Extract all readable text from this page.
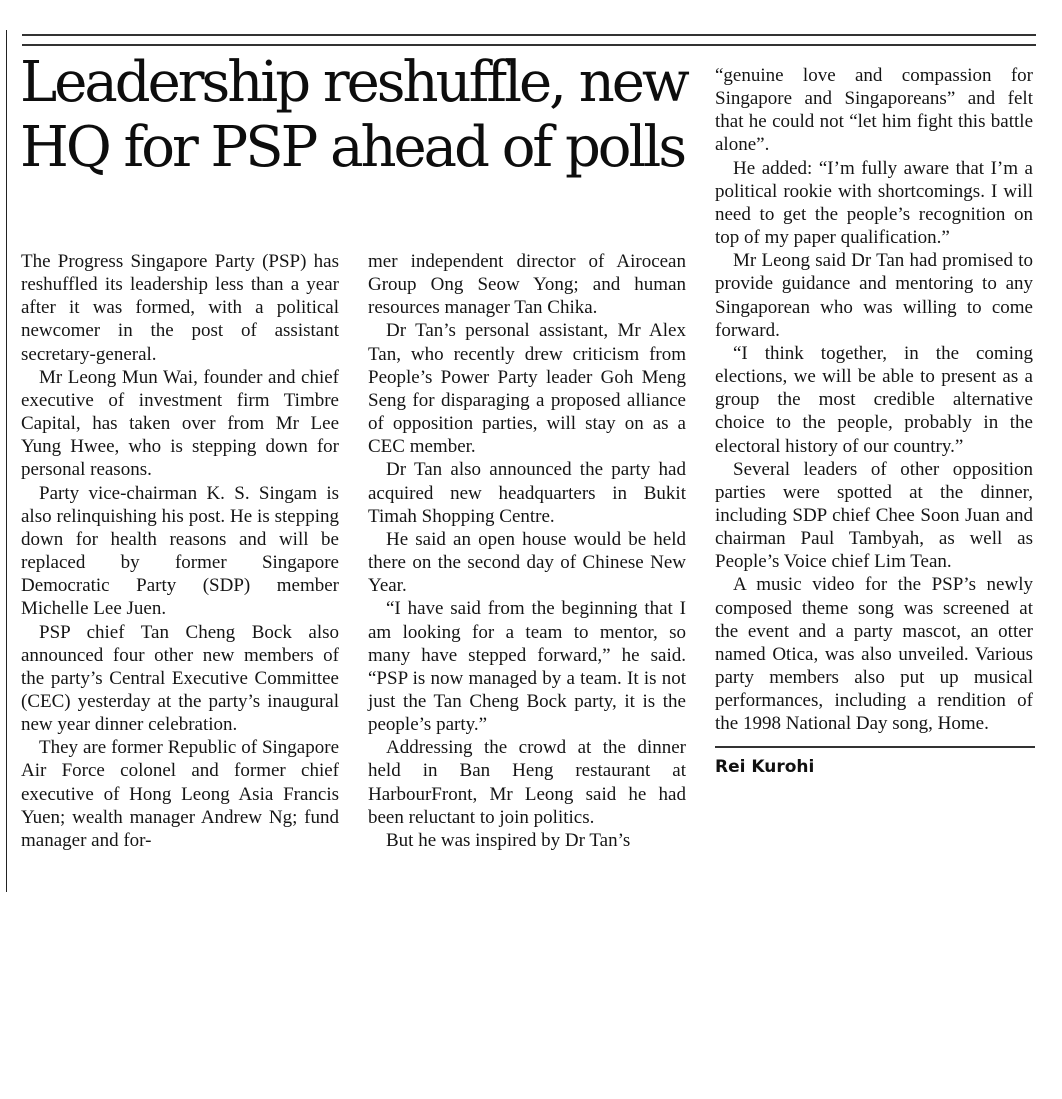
Leadership reshuffle, new
HQ for PSP ahead of polls

The Progress Singapore Party (PSP) has reshuffled its leadership less than a year after it was formed, with a political newcomer in the post of assistant secretary-general.

Mr Leong Mun Wai, founder and chief executive of investment firm Timbre Capital, has taken over from Mr Lee Yung Hwee, who is stepping down for personal reasons.

Party vice-chairman K. S. Singam is also relinquishing his post. He is stepping down for health reasons and will be replaced by former Singapore Democratic Party (SDP) member Michelle Lee Juen.

PSP chief Tan Cheng Bock also announced four other new members of the party’s Central Executive Committee (CEC) yesterday at the party’s inaugural new year dinner celebration.

They are former Republic of Singapore Air Force colonel and former chief executive of Hong Leong Asia Francis Yuen; wealth manager Andrew Ng; fund manager and for-

mer independent director of Airocean Group Ong Seow Yong; and human resources manager Tan Chika.

Dr Tan’s personal assistant, Mr Alex Tan, who recently drew criticism from People’s Power Party leader Goh Meng Seng for disparaging a proposed alliance of opposition parties, will stay on as a CEC member.

Dr Tan also announced the party had acquired new headquarters in Bukit Timah Shopping Centre.

He said an open house would be held there on the second day of Chinese New Year.

“I have said from the beginning that I am looking for a team to mentor, so many have stepped forward,” he said. “PSP is now managed by a team. It is not just the Tan Cheng Bock party, it is the people’s party.”

Addressing the crowd at the dinner held in Ban Heng restaurant at HarbourFront, Mr Leong said he had been reluctant to join politics.

But he was inspired by Dr Tan’s

“genuine love and compassion for Singapore and Singaporeans” and felt that he could not “let him fight this battle alone”.

He added: “I’m fully aware that I’m a political rookie with shortcomings. I will need to get the people’s recognition on top of my paper qualification.”

Mr Leong said Dr Tan had promised to provide guidance and mentoring to any Singaporean who was willing to come forward.

“I think together, in the coming elections, we will be able to present as a group the most credible alternative choice to the people, probably in the electoral history of our country.”

Several leaders of other opposition parties were spotted at the dinner, including SDP chief Chee Soon Juan and chairman Paul Tambyah, as well as People’s Voice chief Lim Tean.

A music video for the PSP’s newly composed theme song was screened at the event and a party mascot, an otter named Otica, was also unveiled. Various party members also put up musical performances, including a rendition of the 1998 National Day song, Home.

Rei Kurohi
